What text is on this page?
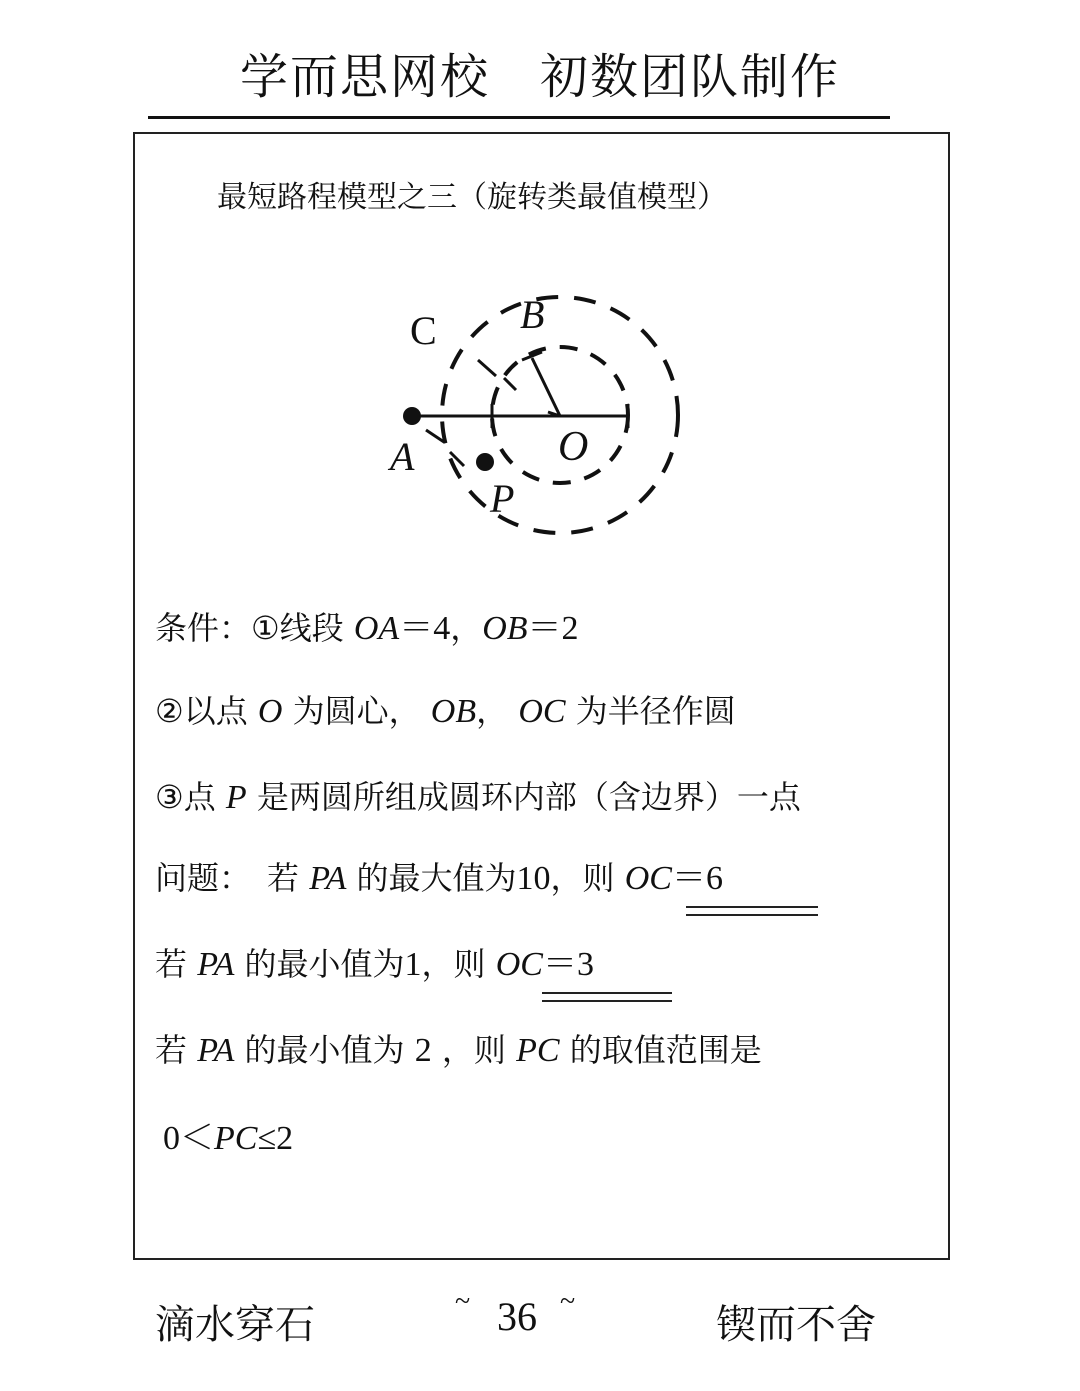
学而思网校　初数团队制作
最短路程模型之三（旋转类最值模型）
C B
A	O
P
条件：①线段 OA＝4，OB＝2
②以点 O 为圆心， OB， OC 为半径作圆
③点 P 是两圆所组成圆环内部（含边界）一点
问题：　若 PA 的最大值为10，则 OC＝6
若 PA 的最小值为1，则 OC＝3
若 PA 的最小值为 2 ，则 PC 的取值范围是
0＜PC≤2
滴水穿石
~ 36 ~
锲而不舍
